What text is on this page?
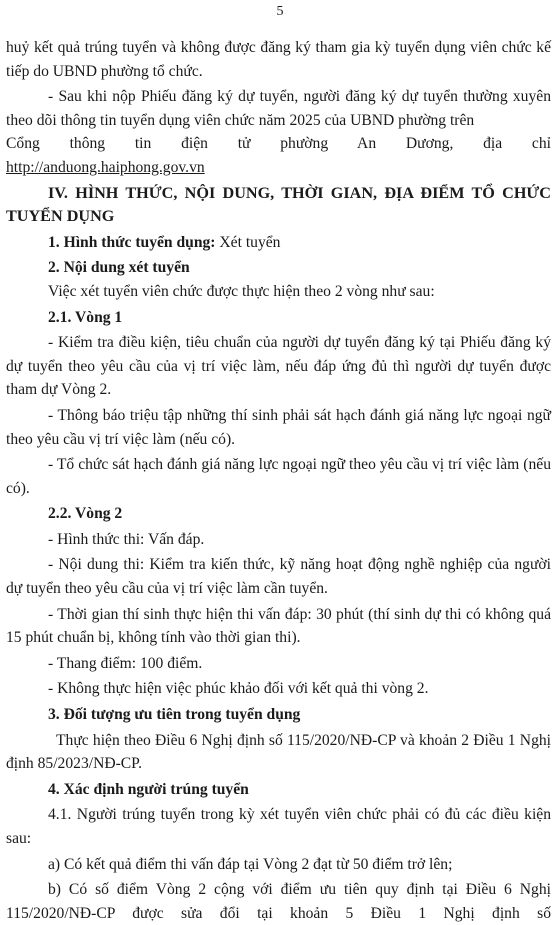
5

huỷ kết quả trúng tuyển và không được đăng ký tham gia kỳ tuyển dụng viên chức kế tiếp do UBND phường tổ chức.

- Sau khi nộp Phiếu đăng ký dự tuyển, người đăng ký dự tuyển thường xuyên theo dõi thông tin tuyển dụng viên chức năm 2025 của UBND phường trên

Cổng thông tin điện tử phường An Dương, địa chỉ

http://anduong.haiphong.gov.vn

IV. HÌNH THỨC, NỘI DUNG, THỜI GIAN, ĐỊA ĐIỂM TỔ CHỨC TUYỂN DỤNG

1. Hình thức tuyển dụng: Xét tuyển

2. Nội dung xét tuyển

Việc xét tuyển viên chức được thực hiện theo 2 vòng như sau:

2.1. Vòng 1

- Kiểm tra điều kiện, tiêu chuẩn của người dự tuyển đăng ký tại Phiếu đăng ký dự tuyển theo yêu cầu của vị trí việc làm, nếu đáp ứng đủ thì người dự tuyển được tham dự Vòng 2.

- Thông báo triệu tập những thí sinh phải sát hạch đánh giá năng lực ngoại ngữ theo yêu cầu vị trí việc làm (nếu có).

- Tổ chức sát hạch đánh giá năng lực ngoại ngữ theo yêu cầu vị trí việc làm (nếu có).

2.2. Vòng 2

- Hình thức thi: Vấn đáp.

- Nội dung thi: Kiểm tra kiến thức, kỹ năng hoạt động nghề nghiệp của người dự tuyển theo yêu cầu của vị trí việc làm cần tuyển.

- Thời gian thí sinh thực hiện thi vấn đáp: 30 phút (thí sinh dự thi có không quá 15 phút chuẩn bị, không tính vào thời gian thi).

- Thang điểm: 100 điểm.

- Không thực hiện việc phúc khảo đối với kết quả thi vòng 2.

3. Đối tượng ưu tiên trong tuyển dụng

Thực hiện theo Điều 6 Nghị định số 115/2020/NĐ-CP và khoản 2 Điều 1 Nghị định 85/2023/NĐ-CP.

4. Xác định người trúng tuyển

4.1. Người trúng tuyển trong kỳ xét tuyển viên chức phải có đủ các điều kiện sau:

a) Có kết quả điểm thi vấn đáp tại Vòng 2 đạt từ 50 điểm trở lên;

b) Có số điểm Vòng 2 cộng với điểm ưu tiên quy định tại Điều 6 Nghị

115/2020/NĐ-CP được sửa đổi tại khoản 5 Điều 1 Nghị định số
